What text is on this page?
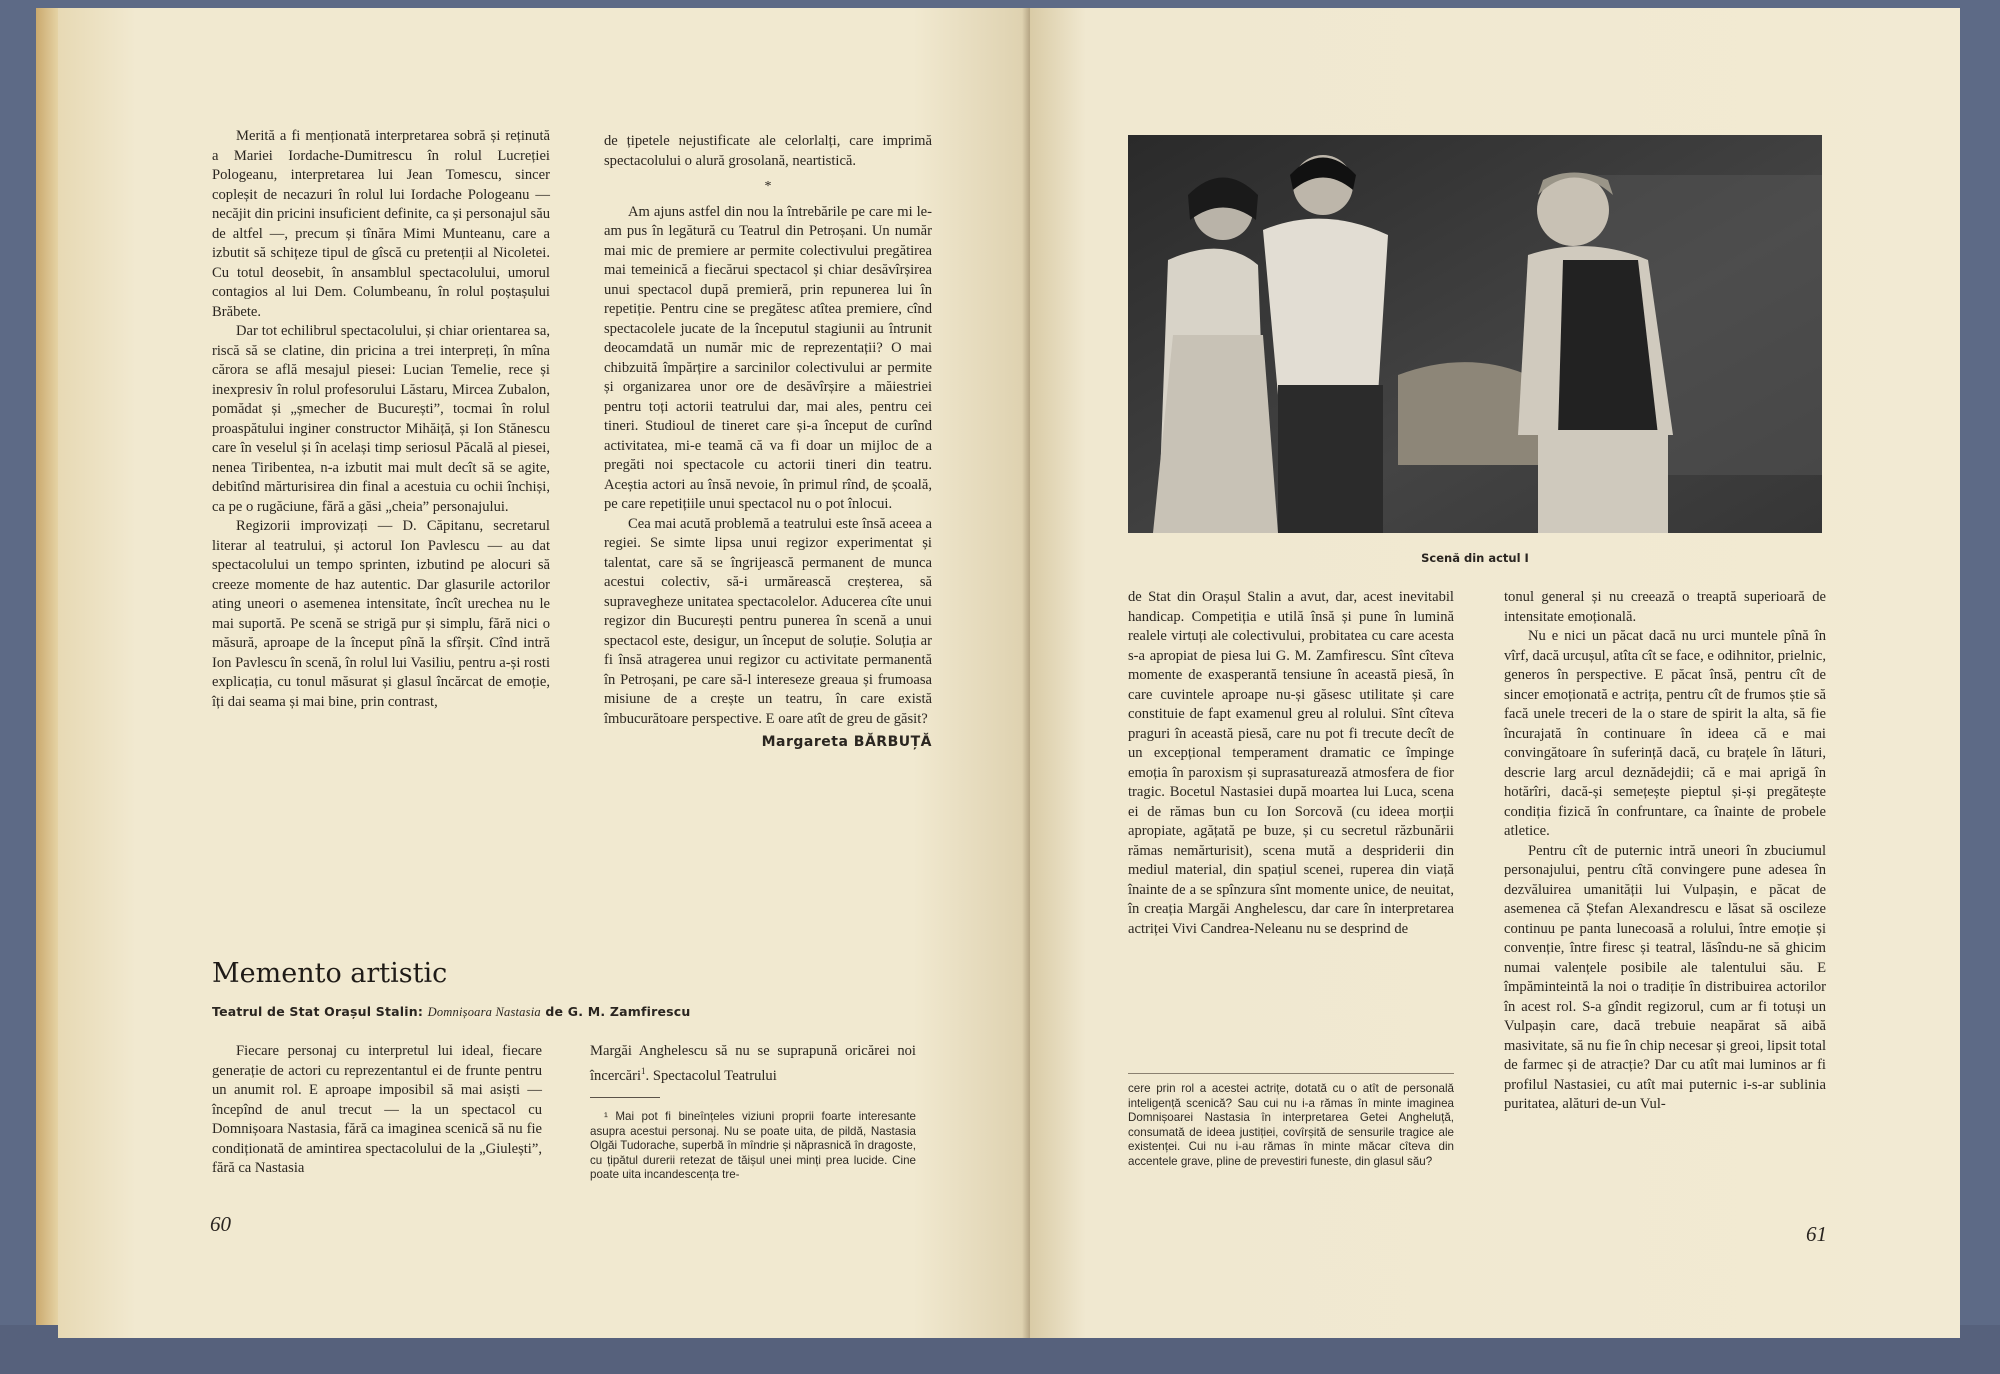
Merită a fi menționată interpretarea sobră și reținută a Mariei Iordache-Dumitrescu în rolul Lucreției Pologeanu, interpretarea lui Jean Tomescu, sincer copleșit de necazuri în rolul lui Iordache Pologeanu — necăjit din pricini insuficient definite, ca și personajul său de altfel —, precum și tînăra Mimi Munteanu, care a izbutit să schițeze tipul de gîscă cu pretenții al Nicoletei. Cu totul deosebit, în ansamblul spectacolului, umorul contagios al lui Dem. Columbeanu, în rolul poștașului Brăbete.

Dar tot echilibrul spectacolului, și chiar orientarea sa, riscă să se clatine, din pricina a trei interpreți, în mîna cărora se află mesajul piesei: Lucian Temelie, rece și inexpresiv în rolul profesorului Lăstaru, Mircea Zubalon, pomădat și „șmecher de București”, tocmai în rolul proaspătului inginer constructor Mihăiță, și Ion Stănescu care în veselul și în același timp seriosul Păcală al piesei, nenea Tiribentea, n-a izbutit mai mult decît să se agite, debitînd mărturisirea din final a acestuia cu ochii închiși, ca pe o rugăciune, fără a găsi „cheia” personajului.

Regizorii improvizați — D. Căpitanu, secretarul literar al teatrului, și actorul Ion Pavlescu — au dat spectacolului un tempo sprinten, izbutind pe alocuri să creeze momente de haz autentic. Dar glasurile actorilor ating uneori o asemenea intensitate, încît urechea nu le mai suportă. Pe scenă se strigă pur și simplu, fără nici o măsură, aproape de la început pînă la sfîrșit. Cînd intră Ion Pavlescu în scenă, în rolul lui Vasiliu, pentru a-și rosti explicația, cu tonul măsurat și glasul încărcat de emoție, îți dai seama și mai bine, prin contrast,

de țipetele nejustificate ale celorlalți, care imprimă spectacolului o alură grosolană, neartistică.

*

Am ajuns astfel din nou la întrebările pe care mi le-am pus în legătură cu Teatrul din Petroșani. Un număr mai mic de premiere ar permite colectivului pregătirea mai temeinică a fiecărui spectacol și chiar desăvîrșirea unui spectacol după premieră, prin repunerea lui în repetiție. Pentru cine se pregătesc atîtea premiere, cînd spectacolele jucate de la începutul stagiunii au întrunit deocamdată un număr mic de reprezentații? O mai chibzuită împărțire a sarcinilor colectivului ar permite și organizarea unor ore de desăvîrșire a măiestriei pentru toți actorii teatrului dar, mai ales, pentru cei tineri. Studioul de tineret care și-a început de curînd activitatea, mi-e teamă că va fi doar un mijloc de a pregăti noi spectacole cu actorii tineri din teatru. Aceștia actori au însă nevoie, în primul rînd, de școală, pe care repetițiile unui spectacol nu o pot înlocui.

Cea mai acută problemă a teatrului este însă aceea a regiei. Se simte lipsa unui regizor experimentat și talentat, care să se îngrijească permanent de munca acestui colectiv, să-i urmărească creșterea, să supravegheze unitatea spectacolelor. Aducerea cîte unui regizor din București pentru punerea în scenă a unui spectacol este, desigur, un început de soluție. Soluția ar fi însă atragerea unui regizor cu activitate permanentă în Petroșani, pe care să-l intereseze greaua și frumoasa misiune de a crește un teatru, în care există îmbucurătoare perspective. E oare atît de greu de găsit?

Margareta BĂRBUȚĂ
Memento artistic
Teatrul de Stat Orașul Stalin: Domnișoara Nastasia de G. M. Zamfirescu

Fiecare personaj cu interpretul lui ideal, fiecare generație de actori cu reprezentantul ei de frunte pentru un anumit rol. E aproape imposibil să mai asiști — începînd de anul trecut — la un spectacol cu Domnișoara Nastasia, fără ca imaginea scenică să nu fie condiționată de amintirea spectacolului de la „Giulești”, fără ca Nastasia

Margăi Anghelescu să nu se suprapună oricărei noi încercări$^1$. Spectacolul Teatrului

¹ Mai pot fi bineînțeles viziuni proprii foarte interesante asupra acestui personaj. Nu se poate uita, de pildă, Nastasia Olgăi Tudorache, superbă în mîndrie și năprasnică în dragoste, cu țipătul durerii retezat de tăișul unei minți prea lucide. Cine poate uita incandescența tre-

60
Scenă din actul I

de Stat din Orașul Stalin a avut, dar, acest inevitabil handicap. Competiția e utilă însă și pune în lumină realele virtuți ale colectivului, probitatea cu care acesta s-a apropiat de piesa lui G. M. Zamfirescu. Sînt cîteva momente de exasperantă tensiune în această piesă, în care cuvintele aproape nu-și găsesc utilitate și care constituie de fapt examenul greu al rolului. Sînt cîteva praguri în această piesă, care nu pot fi trecute decît de un excepțional temperament dramatic ce împinge emoția în paroxism și suprasaturează atmosfera de fior tragic. Bocetul Nastasiei după moartea lui Luca, scena ei de rămas bun cu Ion Sorcovă (cu ideea morții apropiate, agățată pe buze, și cu secretul răzbunării rămas nemărturisit), scena mută a despriderii din mediul material, din spațiul scenei, ruperea din viață înainte de a se spînzura sînt momente unice, de neuitat, în creația Margăi Anghelescu, dar care în interpretarea actriței Vivi Candrea-Neleanu nu se desprind de

cere prin rol a acestei actrițe, dotată cu o atît de personală inteligență scenică? Sau cui nu i-a rămas în minte imaginea Domnișoarei Nastasia în interpretarea Getei Angheluță, consumată de ideea justiției, covîrșită de sensurile tragice ale existenței. Cui nu i-au rămas în minte măcar cîteva din accentele grave, pline de prevestiri funeste, din glasul său?

tonul general și nu creează o treaptă superioară de intensitate emoțională.

Nu e nici un păcat dacă nu urci muntele pînă în vîrf, dacă urcușul, atîta cît se face, e odihnitor, prielnic, generos în perspective. E păcat însă, pentru cît de sincer emoționată e actrița, pentru cît de frumos știe să facă unele treceri de la o stare de spirit la alta, să fie încurajată în continuare în ideea că e mai convingătoare în suferință dacă, cu brațele în lături, descrie larg arcul deznădejdii; că e mai aprigă în hotărîri, dacă-și semețește pieptul și-și pregătește condiția fizică în confruntare, ca înainte de probele atletice.

Pentru cît de puternic intră uneori în zbuciumul personajului, pentru cîtă convingere pune adesea în dezvăluirea umanității lui Vulpașin, e păcat de asemenea că Ștefan Alexandrescu e lăsat să oscileze continuu pe panta lunecoasă a rolului, între emoție și convenție, între firesc și teatral, lăsîndu-ne să ghicim numai valențele posibile ale talentului său. E împăminteintă la noi o tradiție în distribuirea actorilor în acest rol. S-a gîndit regizorul, cum ar fi totuși un Vulpașin care, dacă trebuie neapărat să aibă masivitate, să nu fie în chip necesar și greoi, lipsit total de farmec și de atracție? Dar cu atît mai luminos ar fi profilul Nastasiei, cu atît mai puternic i-s-ar sublinia puritatea, alături de-un Vul-

61
